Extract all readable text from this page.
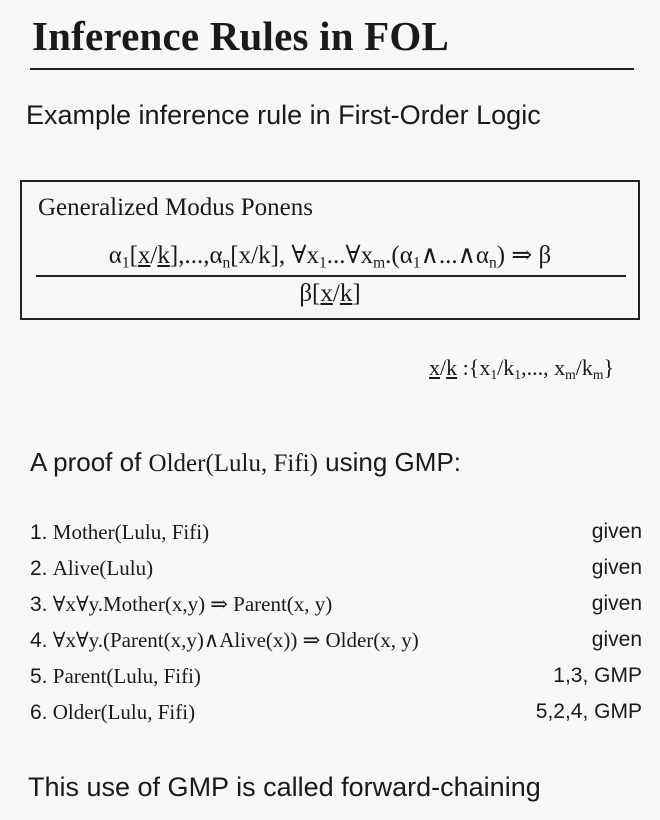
Inference Rules in FOL
Example inference rule in First-Order Logic
Generalized Modus Ponens
$\alpha_1[x/k],...,\alpha_n[x/k]$, $\forall x_1...\forall x_m.(\alpha_1\wedge...\wedge\alpha_n)$ ⇒ β
β[x/k]
x/k $:\{x_1/k_1$,..., $x_m/k_m$}
A proof of Older(Lulu, Fifi) using GMP:
1. Mother(Lulu, Fifi)	given
2. Alive(Lulu)	given
3. ∀x∀y.Mother(x,y) ⇒ Parent(x, y)	given
4. ∀x∀y.(Parent(x,y)∧Alive(x)) ⇒ Older(x, y)	given
5. Parent(Lulu, Fifi)	1,3, GMP
6. Older(Lulu, Fifi)	5,2,4, GMP
This use of GMP is called forward-chaining
